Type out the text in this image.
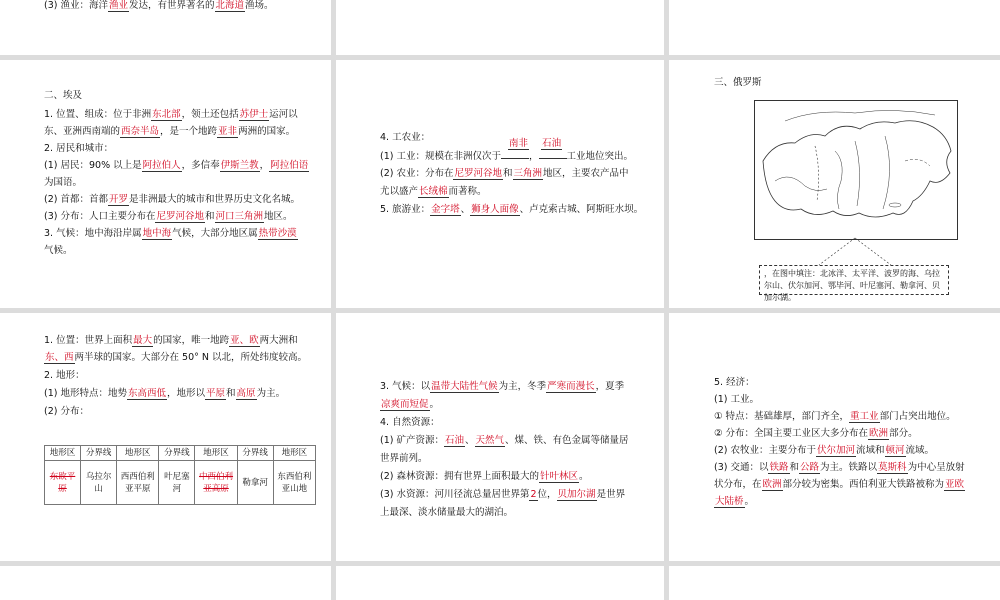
(3) 渔业：海洋渔业发达，有世界著名的北海道渔场。
二、埃及
1. 位置、组成：位于非洲东北部，领土还包括苏伊士运河以
东、亚洲西南端的西奈半岛，是一个地跨亚非两洲的国家。
2. 居民和城市：
(1) 居民：90% 以上是阿拉伯人，多信奉伊斯兰教，阿拉伯语
为国语。
(2) 首都：首都开罗是非洲最大的城市和世界历史文化名城。
(3) 分布：人口主要分布在尼罗河谷地和河口三角洲地区。
3. 气候：地中海沿岸属地中海气候，大部分地区属热带沙漠
气候。
南非 石油
4. 工农业：
(1) 工业：规模在非洲仅次于	，	工业地位突出。
(2) 农业：分布在尼罗河谷地和三角洲地区，主要农产品中
尤以盛产长绒棉而著称。
5. 旅游业：金字塔、狮身人面像、卢克索古城、阿斯旺水坝。
三、俄罗斯
，在图中填注：北冰洋、太平洋、波罗的海、乌拉尔山、伏尔加河、鄂毕河、叶尼塞河、勒拿河、贝加尔湖。
1. 位置：世界上面积最大的国家，唯一地跨亚、欧两大洲和
东、西两半球的国家。大部分在 50° N 以北，所处纬度较高。
2. 地形：
(1) 地形特点：地势东高西低，地形以平原和高原为主。
(2) 分布：
地形区	分界线	地形区	分界线	地形区	分界线	地形区
东欧平原	乌拉尔山	西西伯利亚平原	叶尼塞河	中西伯利亚高原	勒拿河	东西伯利亚山地
3. 气候：以温带大陆性气候为主，冬季严寒而漫长，夏季
凉爽而短促。
4. 自然资源：
(1) 矿产资源：石油、天然气、煤、铁、有色金属等储量居
世界前列。
(2) 森林资源：拥有世界上面积最大的针叶林区。
(3) 水资源：河川径流总量居世界第2位，贝加尔湖是世界
上最深、淡水储量最大的湖泊。
5. 经济：
(1) 工业。
① 特点：基础雄厚，部门齐全，重工业部门占突出地位。
② 分布：全国主要工业区大多分布在欧洲部分。
(2) 农牧业：主要分布于伏尔加河流域和顿河流域。
(3) 交通：以铁路和公路为主。铁路以莫斯科为中心呈放射
状分布，在欧洲部分较为密集。西伯利亚大铁路被称为亚欧
大陆桥。
